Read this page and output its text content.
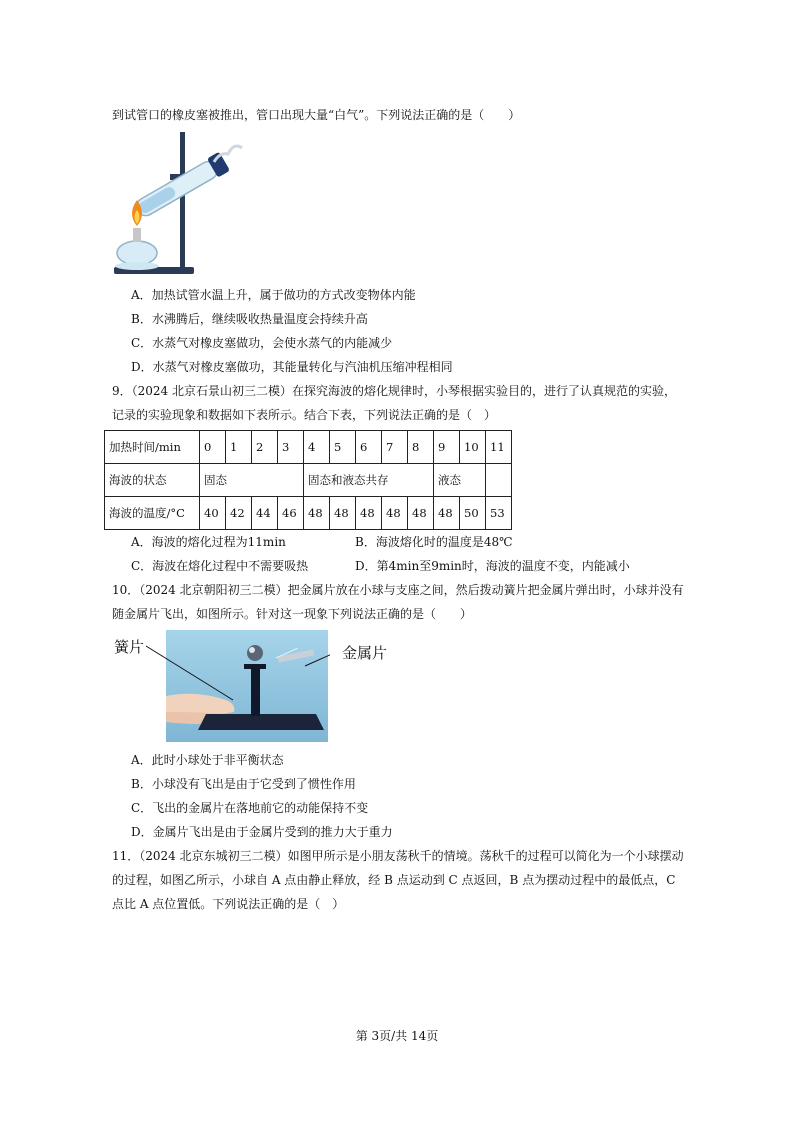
到试管口的橡皮塞被推出，管口出现大量“白气”。下列说法正确的是（　　）
A．加热试管水温上升，属于做功的方式改变物体内能
B．水沸腾后，继续吸收热量温度会持续升高
C．水蒸气对橡皮塞做功，会使水蒸气的内能减少
D．水蒸气对橡皮塞做功，其能量转化与汽油机压缩冲程相同
9．（2024 北京石景山初三二模）在探究海波的熔化规律时，小琴根据实验目的，进行了认真规范的实验，
记录的实验现象和数据如下表所示。结合下表，下列说法正确的是（　）
加热时间/min	0	1	2	3	4	5	6	7	8	9	10	11
海波的状态	固态				固态和液态共存					液态		
海波的温度/°C	40	42	44	46	48	48	48	48	48	48	50	53
A．海波的熔化过程为11min	B．海波熔化时的温度是48℃
C．海波在熔化过程中不需要吸热	D．第4min至9min时，海波的温度不变，内能减小
10．（2024 北京朝阳初三二模）把金属片放在小球与支座之间，然后拨动簧片把金属片弹出时，小球并没有
随金属片飞出，如图所示。针对这一现象下列说法正确的是（　　）
簧片	金属片
A．此时小球处于非平衡状态
B．小球没有飞出是由于它受到了惯性作用
C．飞出的金属片在落地前它的动能保持不变
D．金属片飞出是由于金属片受到的推力大于重力
11．（2024 北京东城初三二模）如图甲所示是小朋友荡秋千的情境。荡秋千的过程可以简化为一个小球摆动
的过程，如图乙所示，小球自 A 点由静止释放，经 B 点运动到 C 点返回，B 点为摆动过程中的最低点，C
点比 A 点位置低。下列说法正确的是（　）
第 3页/共 14页
